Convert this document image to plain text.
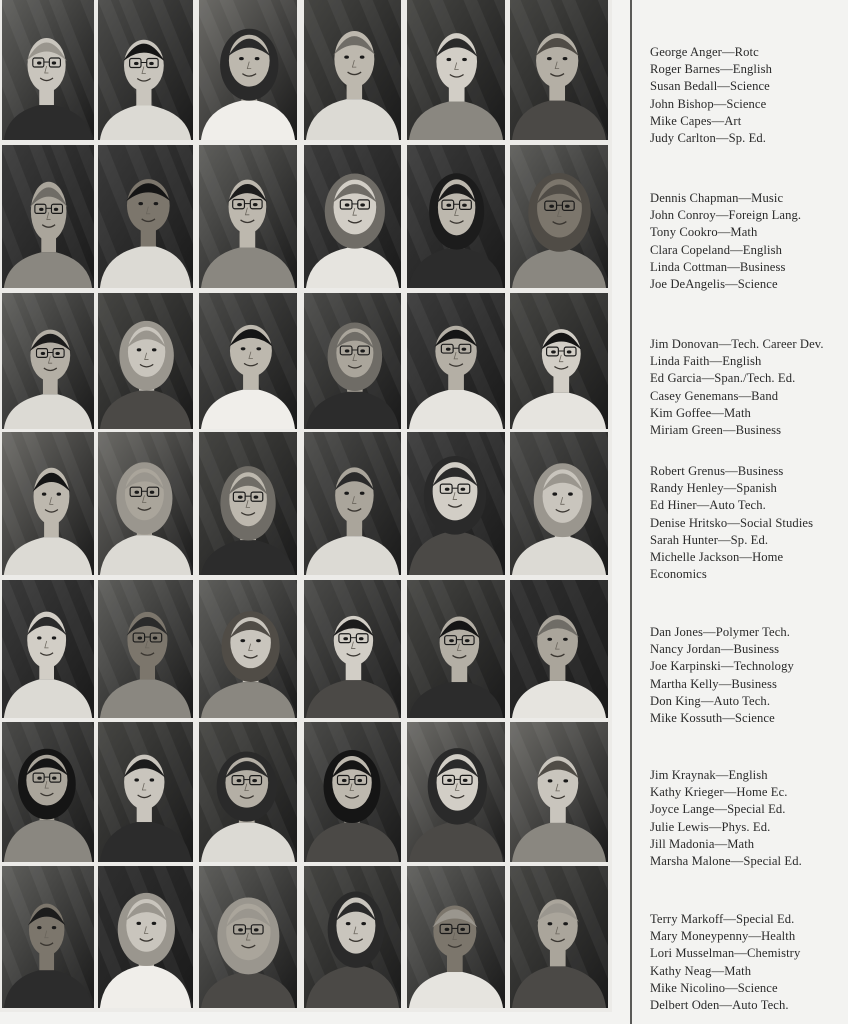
George Anger—Rotc
Roger Barnes—English
Susan Bedall—Science
John Bishop—Science
Mike Capes—Art
Judy Carlton—Sp. Ed.
Dennis Chapman—Music
John Conroy—Foreign Lang.
Tony Cookro—Math
Clara Copeland—English
Linda Cottman—Business
Joe DeAngelis—Science
Jim Donovan—Tech. Career Dev.
Linda Faith—English
Ed Garcia—Span./Tech. Ed.
Casey Genemans—Band
Kim Goffee—Math
Miriam Green—Business
Robert Grenus—Business
Randy Henley—Spanish
Ed Hiner—Auto Tech.
Denise Hritsko—Social Studies
Sarah Hunter—Sp. Ed.
Michelle Jackson—Home Economics
Dan Jones—Polymer Tech.
Nancy Jordan—Business
Joe Karpinski—Technology
Martha Kelly—Business
Don King—Auto Tech.
Mike Kossuth—Science
Jim Kraynak—English
Kathy Krieger—Home Ec.
Joyce Lange—Special Ed.
Julie Lewis—Phys. Ed.
Jill Madonia—Math
Marsha Malone—Special Ed.
Terry Markoff—Special Ed.
Mary Moneypenny—Health
Lori Musselman—Chemistry
Kathy Neag—Math
Mike Nicolino—Science
Delbert Oden—Auto Tech.
